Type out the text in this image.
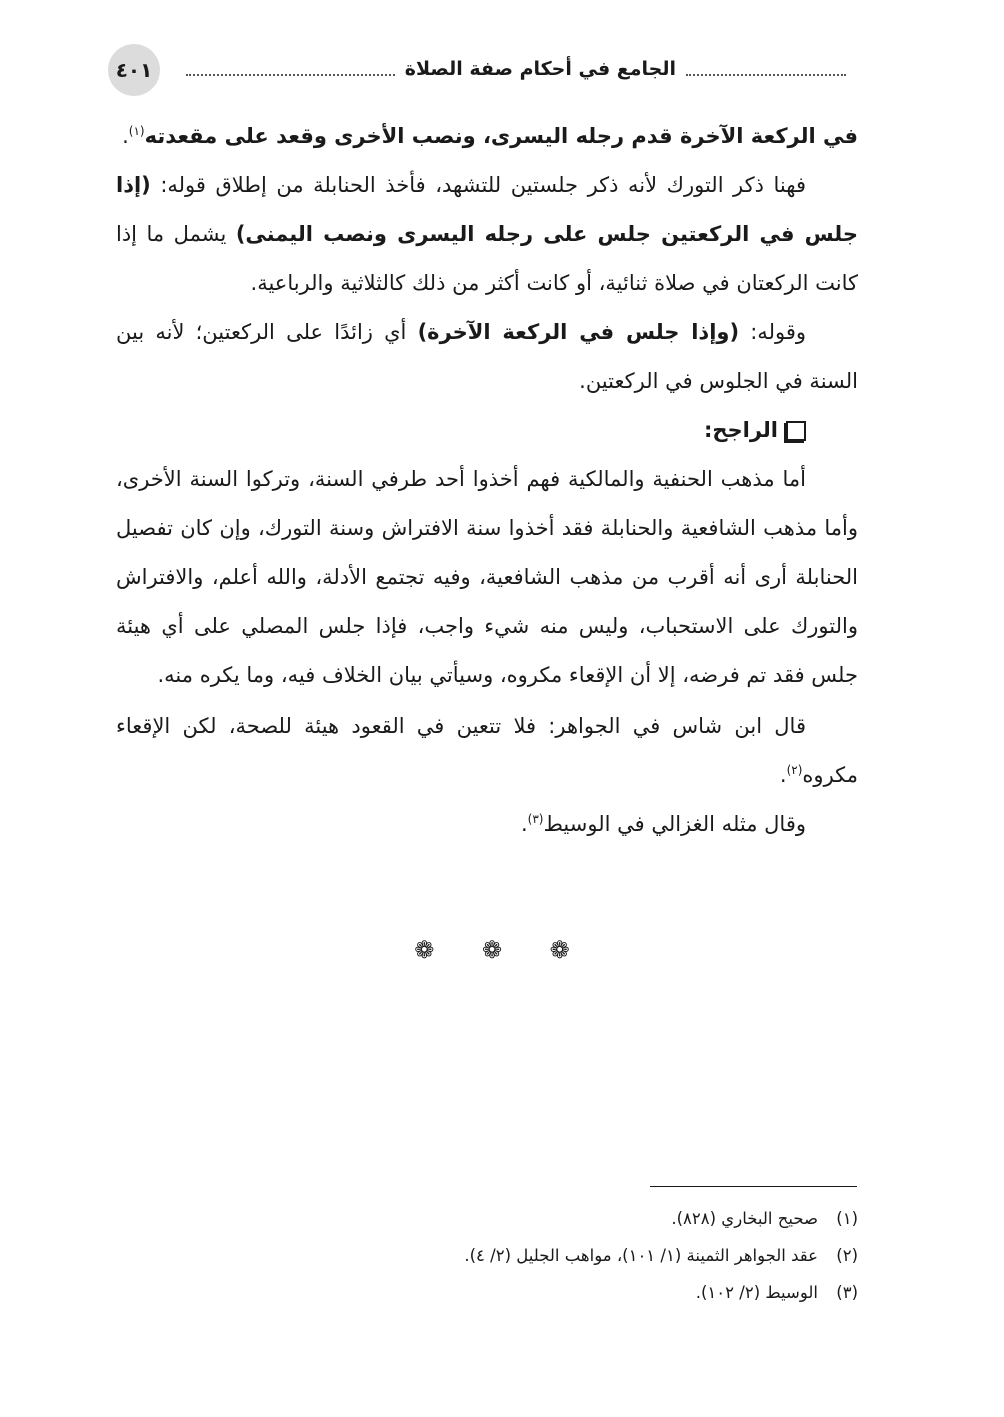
٤٠١	الجامع في أحكام صفة الصلاة

في الركعة الآخرة قدم رجله اليسرى، ونصب الأخرى وقعد على مقعدته$^{(١)}$.

فهنا ذكر التورك لأنه ذكر جلستين للتشهد، فأخذ الحنابلة من إطلاق قوله: (إذا جلس في الركعتين جلس على رجله اليسرى ونصب اليمنى) يشمل ما إذا كانت الركعتان في صلاة ثنائية، أو كانت أكثر من ذلك كالثلاثية والرباعية.

وقوله: (وإذا جلس في الركعة الآخرة) أي زائدًا على الركعتين؛ لأنه بين السنة في الجلوس في الركعتين.

الراجح:

أما مذهب الحنفية والمالكية فهم أخذوا أحد طرفي السنة، وتركوا السنة الأخرى، وأما مذهب الشافعية والحنابلة فقد أخذوا سنة الافتراش وسنة التورك، وإن كان تفصيل الحنابلة أرى أنه أقرب من مذهب الشافعية، وفيه تجتمع الأدلة، والله أعلم، والافتراش والتورك على الاستحباب، وليس منه شيء واجب، فإذا جلس المصلي على أي هيئة جلس فقد تم فرضه، إلا أن الإقعاء مكروه، وسيأتي بيان الخلاف فيه، وما يكره منه.

قال ابن شاس في الجواهر: فلا تتعين في القعود هيئة للصحة، لكن الإقعاء مكروه$^{(٢)}$.

وقال مثله الغزالي في الوسيط$^{(٣)}$.

❁ ❁ ❁

(١)صحيح البخاري (٨٢٨).

(٢)عقد الجواهر الثمينة (١/ ١٠١)، مواهب الجليل (٢/ ٤).

(٣)الوسيط (٢/ ١٠٢).
